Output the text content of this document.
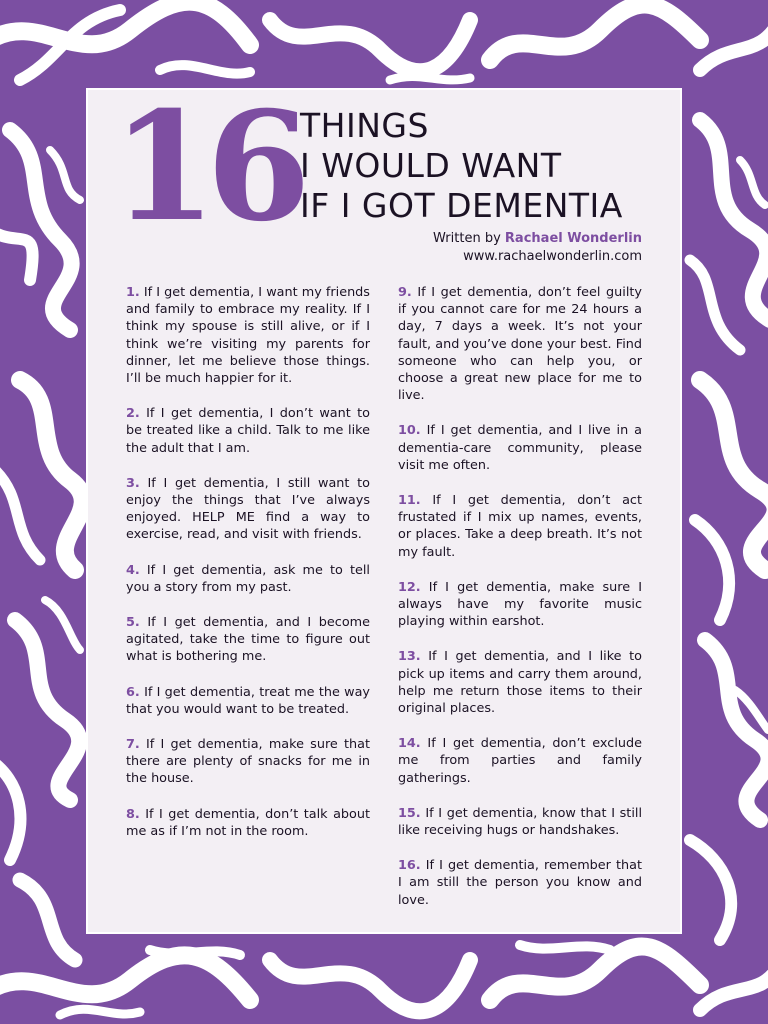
16 THINGS
I WOULD WANT
IF I GOT DEMENTIA
Written by Rachael Wonderlin
www.rachaelwonderlin.com

1. If I get dementia, I want my friends and family to embrace my reality. If I think my spouse is still alive, or if I think we’re visiting my parents for dinner, let me believe those things. I’ll be much happier for it.

2. If I get dementia, I don’t want to be treated like a child. Talk to me like the adult that I am.

3. If I get dementia, I still want to enjoy the things that I’ve always enjoyed. HELP ME find a way to exercise, read, and visit with friends.

4. If I get dementia, ask me to tell you a story from my past.

5. If I get dementia, and I become agitated, take the time to figure out what is bothering me.

6. If I get dementia, treat me the way that you would want to be treated.

7. If I get dementia, make sure that there are plenty of snacks for me in the house.

8. If I get dementia, don’t talk about me as if I’m not in the room.

9. If I get dementia, don’t feel guilty if you cannot care for me 24 hours a day, 7 days a week. It’s not your fault, and you’ve done your best. Find someone who can help you, or choose a great new place for me to live.

10. If I get dementia, and I live in a dementia-care community, please visit me often.

11. If I get dementia, don’t act frustated if I mix up names, events, or places. Take a deep breath. It’s not my fault.

12. If I get dementia, make sure I always have my favorite music playing within earshot.

13. If I get dementia, and I like to pick up items and carry them around, help me return those items to their original places.

14. If I get dementia, don’t exclude me from parties and family gatherings.

15. If I get dementia, know that I still like receiving hugs or handshakes.

16. If I get dementia, remember that I am still the person you know and love.
